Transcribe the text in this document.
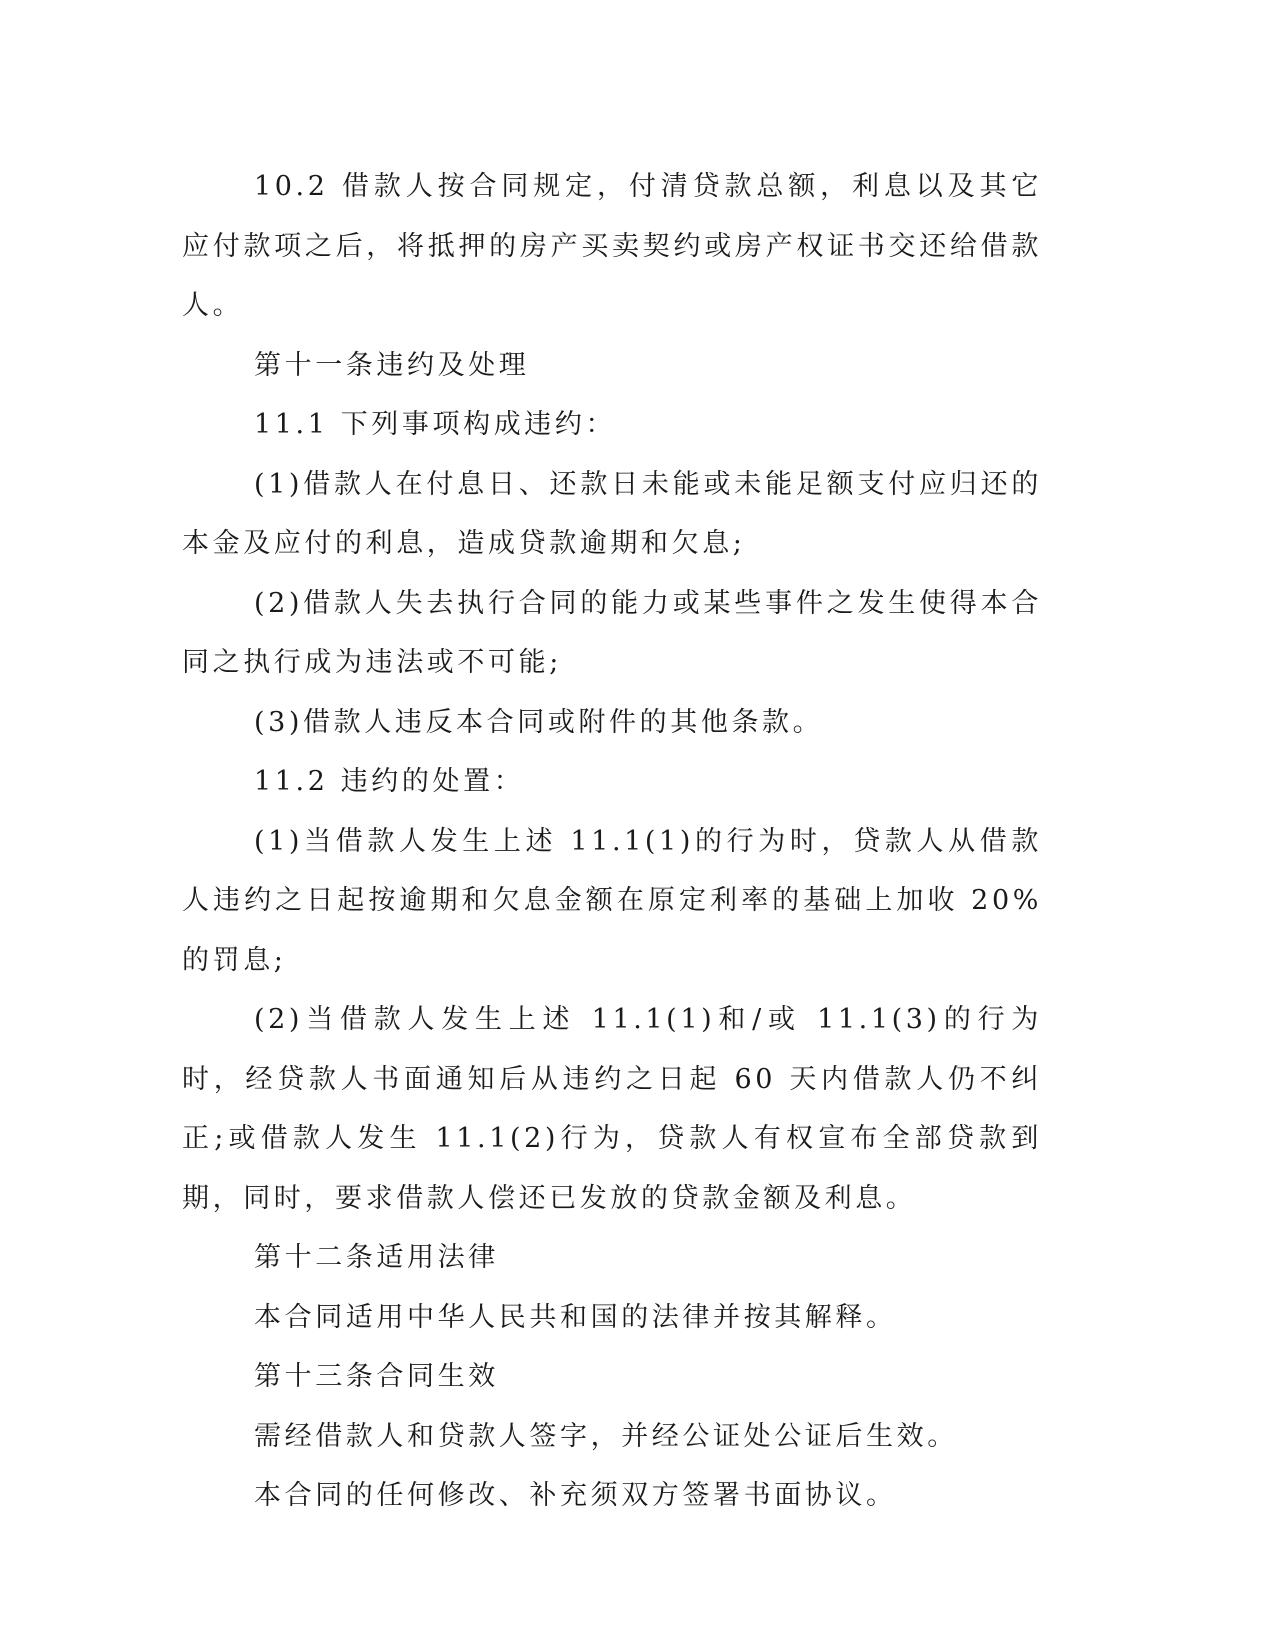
10.2 借款人按合同规定，付清贷款总额，利息以及其它应付款项之后，将抵押的房产买卖契约或房产权证书交还给借款人。

第十一条违约及处理

11.1 下列事项构成违约：

(1)借款人在付息日、还款日未能或未能足额支付应归还的本金及应付的利息，造成贷款逾期和欠息;

(2)借款人失去执行合同的能力或某些事件之发生使得本合同之执行成为违法或不可能;

(3)借款人违反本合同或附件的其他条款。

11.2 违约的处置：

(1)当借款人发生上述 11.1(1)的行为时，贷款人从借款人违约之日起按逾期和欠息金额在原定利率的基础上加收 20%的罚息;

(2)当借款人发生上述 11.1(1)和/或 11.1(3)的行为时，经贷款人书面通知后从违约之日起 60 天内借款人仍不纠正;或借款人发生 11.1(2)行为，贷款人有权宣布全部贷款到期，同时，要求借款人偿还已发放的贷款金额及利息。

第十二条适用法律

本合同适用中华人民共和国的法律并按其解释。

第十三条合同生效

需经借款人和贷款人签字，并经公证处公证后生效。

本合同的任何修改、补充须双方签署书面协议。
